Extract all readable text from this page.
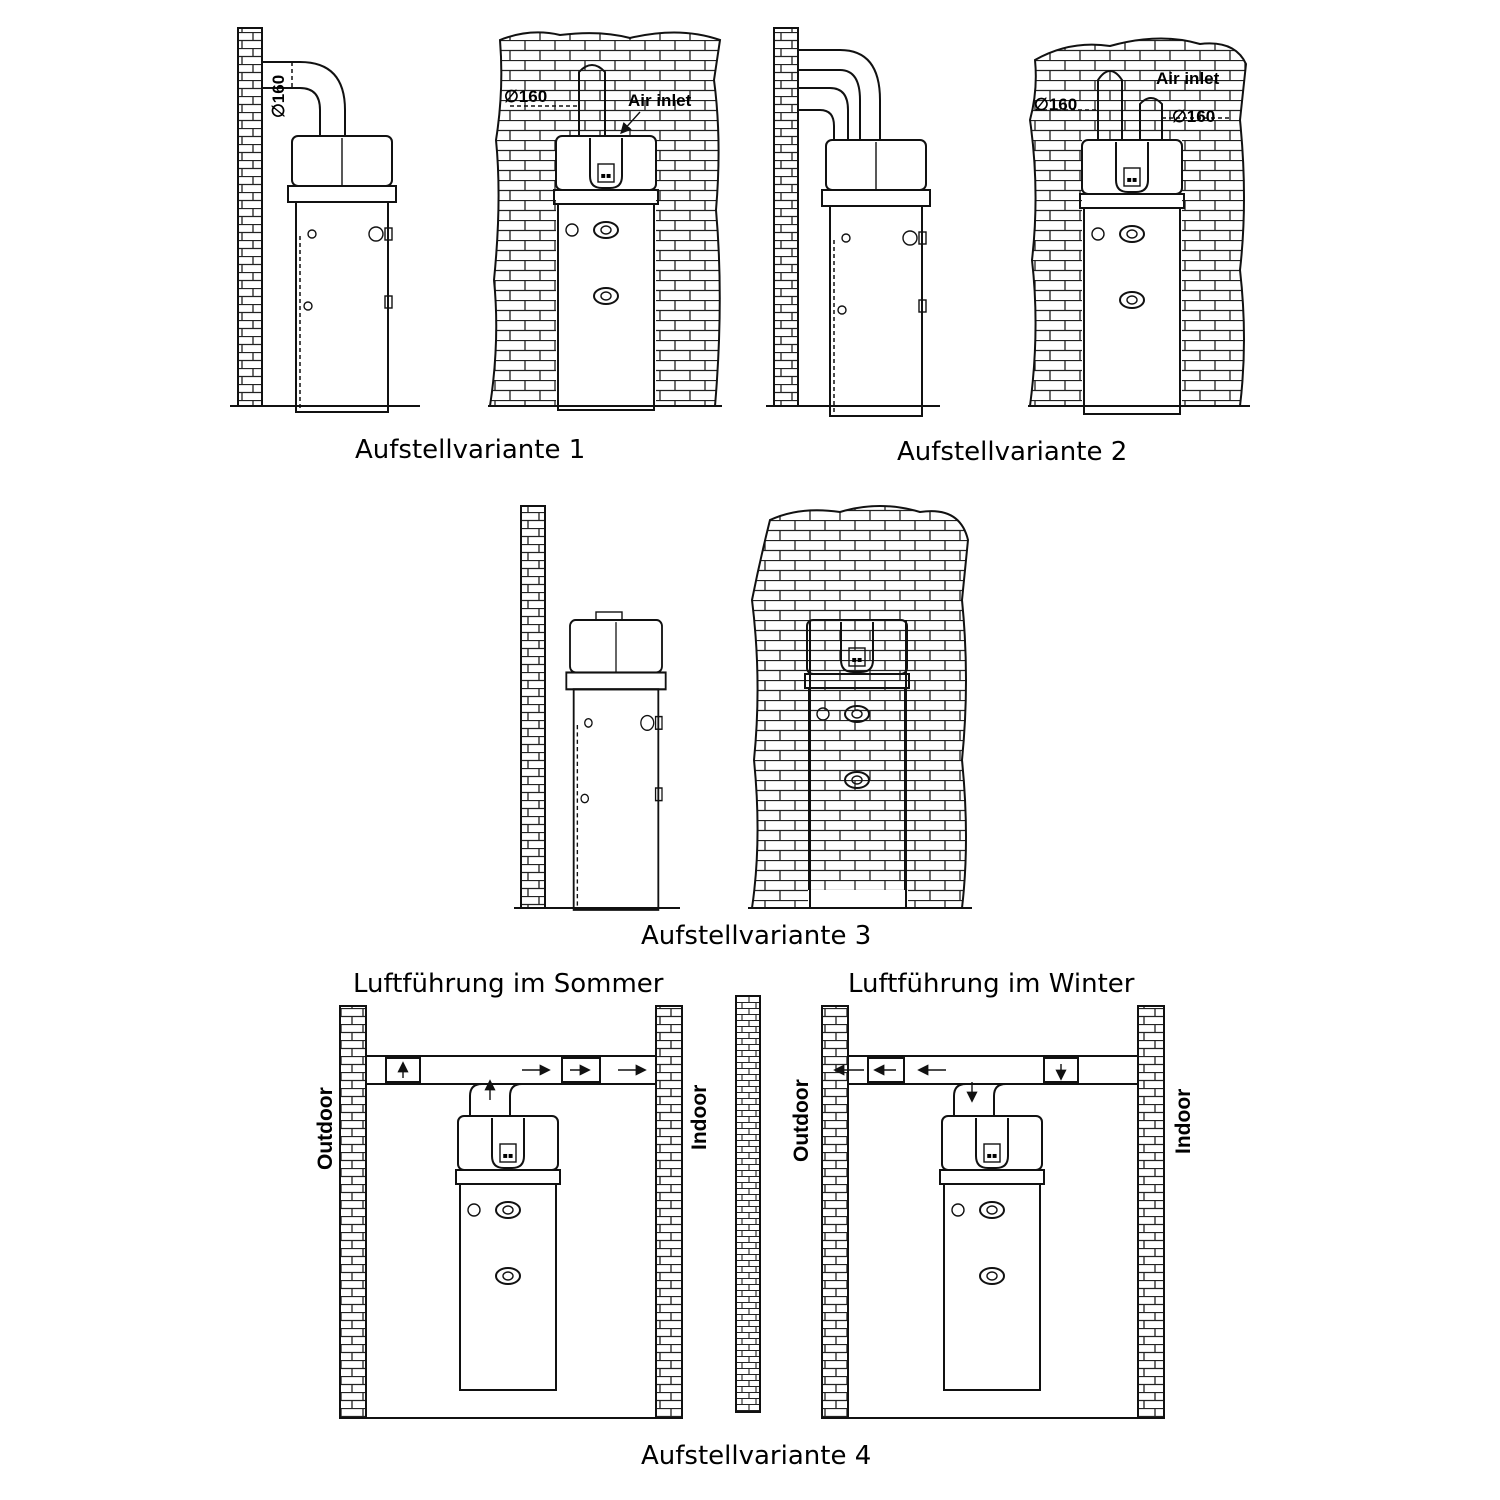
▪▪
∅160	∅160	Air inlet
Aufstellvariante 1
∅160
∅160
Air inlet
Aufstellvariante 2
Aufstellvariante 3
Luftführung im Sommer	Luftführung im Winter
Outdoor	Indoor	Outdoor	Indoor
Aufstellvariante 4
